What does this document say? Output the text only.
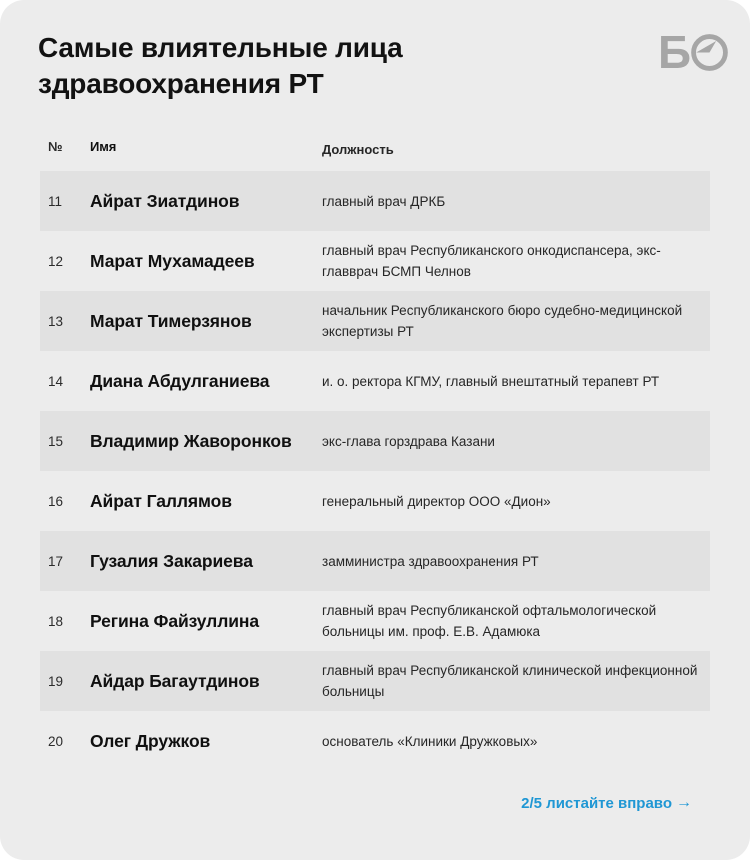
Самые влиятельные лица
здравоохранения РТ
Б
№	Имя	Должность
11	Айрат Зиатдинов	главный врач ДРКБ
12	Марат Мухамадеев	главный врач Республиканского онкодиспансера, экс-главврач БСМП Челнов
13	Марат Тимерзянов	начальник Республиканского бюро судебно-медицинской экспертизы РТ
14	Диана Абдулганиева	и. о. ректора КГМУ, главный внештатный терапевт РТ
15	Владимир Жаворонков	экс-глава горздрава Казани
16	Айрат Галлямов	генеральный директор ООО «Дион»
17	Гузалия Закариева	замминистра здравоохранения РТ
18	Регина Файзуллина	главный врач Республиканской офтальмологической больницы им. проф. Е.В. Адамюка
19	Айдар Багаутдинов	главный врач Республиканской клинической инфекционной больницы
20	Олег Дружков	основатель «Клиники Дружковых»
2/5 листайте вправо →
